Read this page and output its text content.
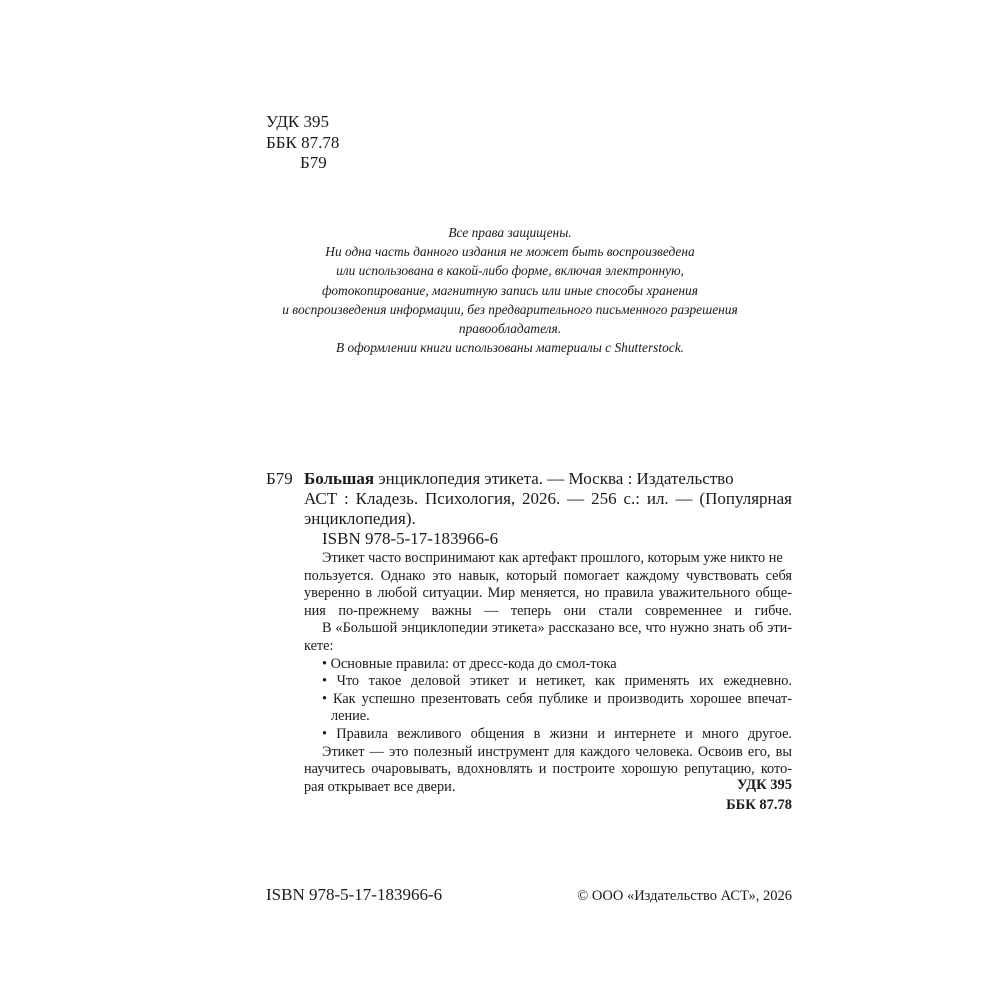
УДК 395
ББК 87.78
Б79
Все права защищены.
Ни одна часть данного издания не может быть воспроизведена
или использована в какой-либо форме, включая электронную,
фотокопирование, магнитную запись или иные способы хранения
и воспроизведения информации, без предварительного письменного разрешения
правообладателя.
В оформлении книги использованы материалы с Shutterstock.
Б79 Большая энциклопедия этикета. — Москва : Издательство
АСТ : Кладезь. Психология, 2026. — 256 с.: ил. — (Популярная
энциклопедия).
ISBN 978-5-17-183966-6
Этикет часто воспринимают как артефакт прошлого, которым уже никто не
пользуется. Однако это навык, который помогает каждому чувствовать себя
уверенно в любой ситуации. Мир меняется, но правила уважительного обще-
ния по-прежнему важны — теперь они стали современнее и гибче.
В «Большой энциклопедии этикета» рассказано все, что нужно знать об эти-
кете:
• Основные правила: от дресс-кода до смол-тока
• Что такое деловой этикет и нетикет, как применять их ежедневно.
• Как успешно презентовать себя публике и производить хорошее впечат-
ление.
• Правила вежливого общения в жизни и интернете и много другое.
Этикет — это полезный инструмент для каждого человека. Освоив его, вы
научитесь очаровывать, вдохновлять и построите хорошую репутацию, кото-
рая открывает все двери.	УДК 395
ББК 87.78
ISBN 978-5-17-183966-6	© ООО «Издательство АСТ», 2026
